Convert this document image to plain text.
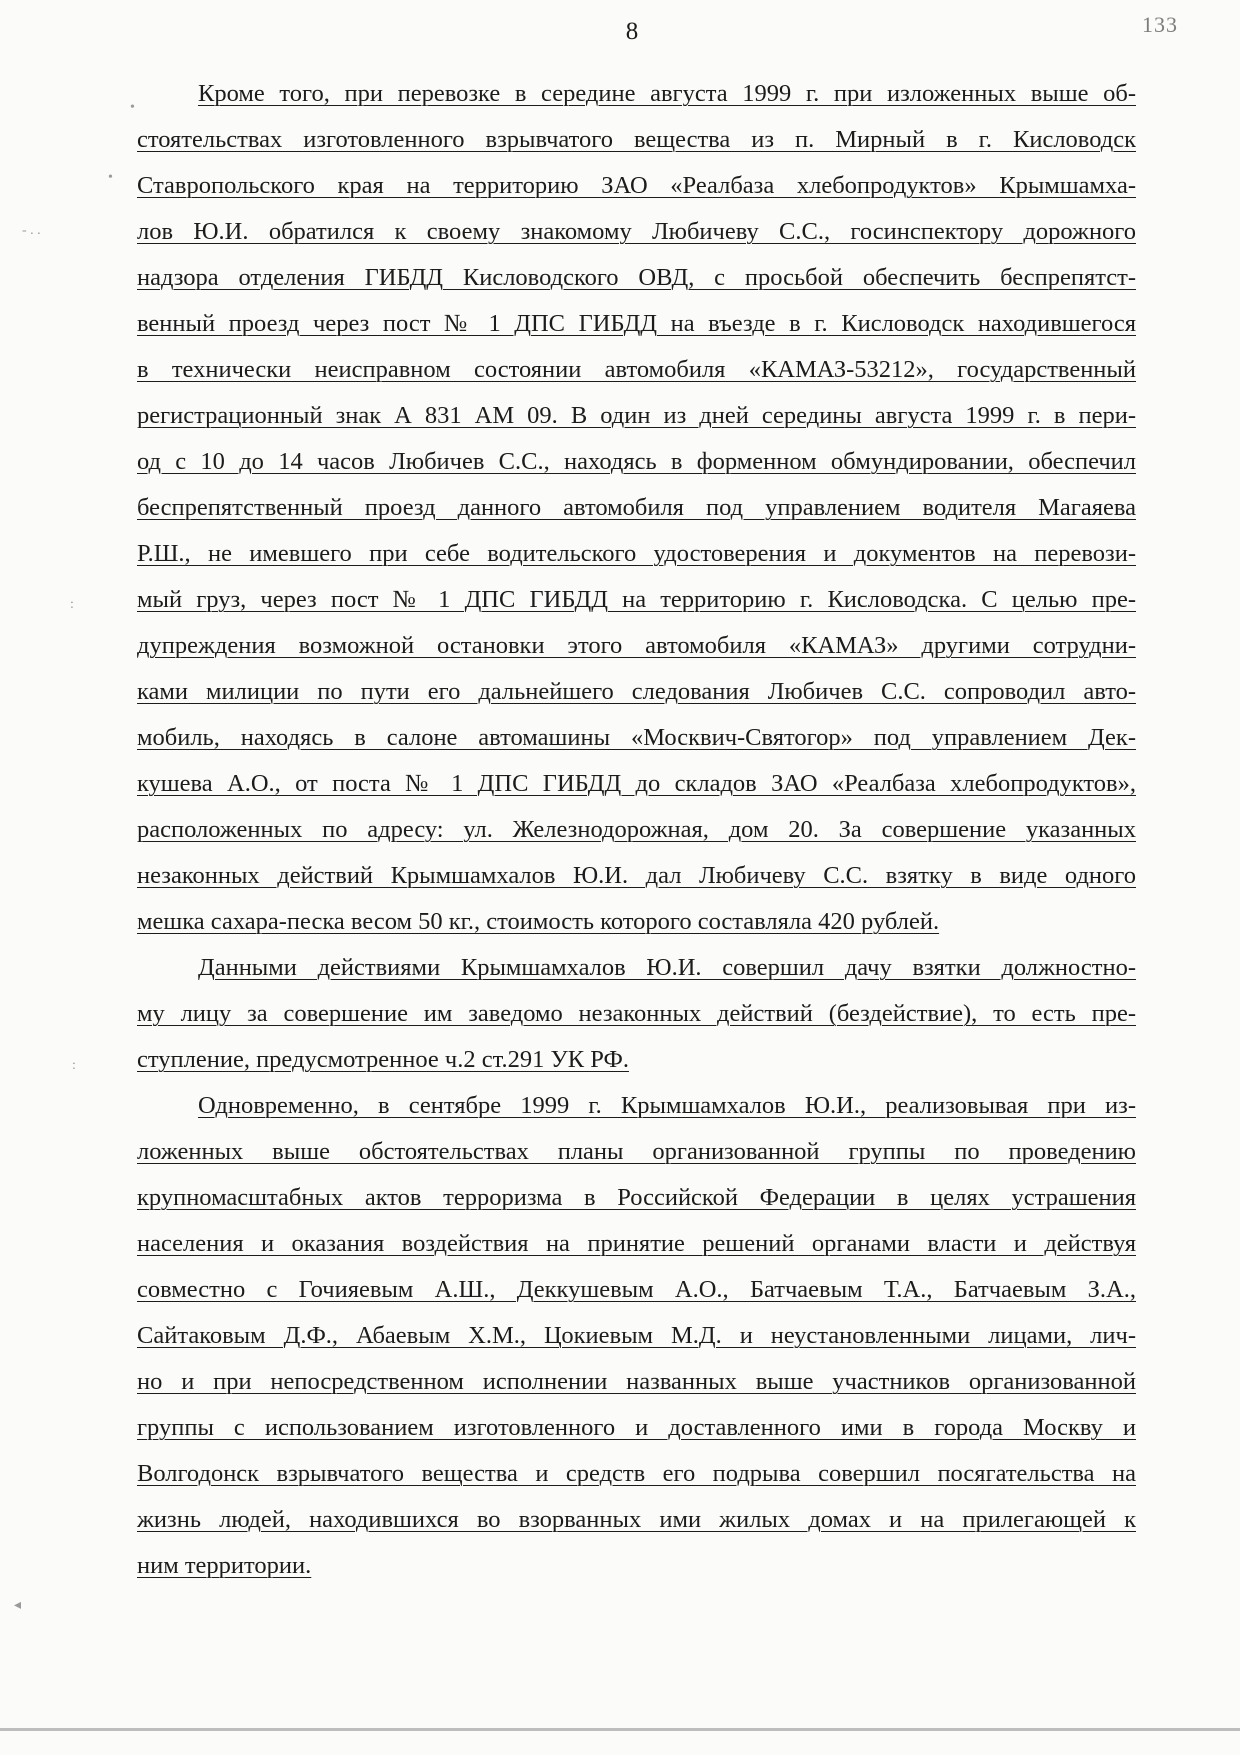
8	133
•
•
- . .
:
:
◂
Кроме того, при перевозке в середине августа 1999 г. при изложенных выше об-
стоятельствах изготовленного взрывчатого вещества из п. Мирный в г. Кисловодск
Ставропольского края на территорию ЗАО «Реалбаза хлебопродуктов» Крымшамха-
лов Ю.И. обратился к своему знакомому Любичеву С.С., госинспектору дорожного
надзора отделения ГИБДД Кисловодского ОВД, с просьбой обеспечить беспрепятст-
венный проезд через пост № 1 ДПС ГИБДД на въезде в г. Кисловодск находившегося
в технически неисправном состоянии автомобиля «КАМАЗ-53212», государственный
регистрационный знак А 831 АМ 09. В один из дней середины августа 1999 г. в пери-
од с 10 до 14 часов Любичев С.С., находясь в форменном обмундировании, обеспечил
беспрепятственный проезд данного автомобиля под управлением водителя Магаяева
Р.Ш., не имевшего при себе водительского удостоверения и документов на перевози-
мый груз, через пост № 1 ДПС ГИБДД на территорию г. Кисловодска. С целью пре-
дупреждения возможной остановки этого автомобиля «КАМАЗ» другими сотрудни-
ками милиции по пути его дальнейшего следования Любичев С.С. сопроводил авто-
мобиль, находясь в салоне автомашины «Москвич-Святогор» под управлением Дек-
кушева А.О., от поста № 1 ДПС ГИБДД до складов ЗАО «Реалбаза хлебопродуктов»,
расположенных по адресу: ул. Железнодорожная, дом 20. За совершение указанных
незаконных действий Крымшамхалов Ю.И. дал Любичеву С.С. взятку в виде одного
мешка сахара-песка весом 50 кг., стоимость которого составляла 420 рублей.
Данными действиями Крымшамхалов Ю.И. совершил дачу взятки должностно-
му лицу за совершение им заведомо незаконных действий (бездействие), то есть пре-
ступление, предусмотренное ч.2 ст.291 УК РФ.
Одновременно, в сентябре 1999 г. Крымшамхалов Ю.И., реализовывая при из-
ложенных выше обстоятельствах планы организованной группы по проведению
крупномасштабных актов терроризма в Российской Федерации в целях устрашения
населения и оказания воздействия на принятие решений органами власти и действуя
совместно с Гочияевым А.Ш., Деккушевым А.О., Батчаевым Т.А., Батчаевым З.А.,
Сайтаковым Д.Ф., Абаевым Х.М., Цокиевым М.Д. и неустановленными лицами, лич-
но и при непосредственном исполнении названных выше участников организованной
группы с использованием изготовленного и доставленного ими в города Москву и
Волгодонск взрывчатого вещества и средств его подрыва совершил посягательства на
жизнь людей, находившихся во взорванных ими жилых домах и на прилегающей к
ним территории.
